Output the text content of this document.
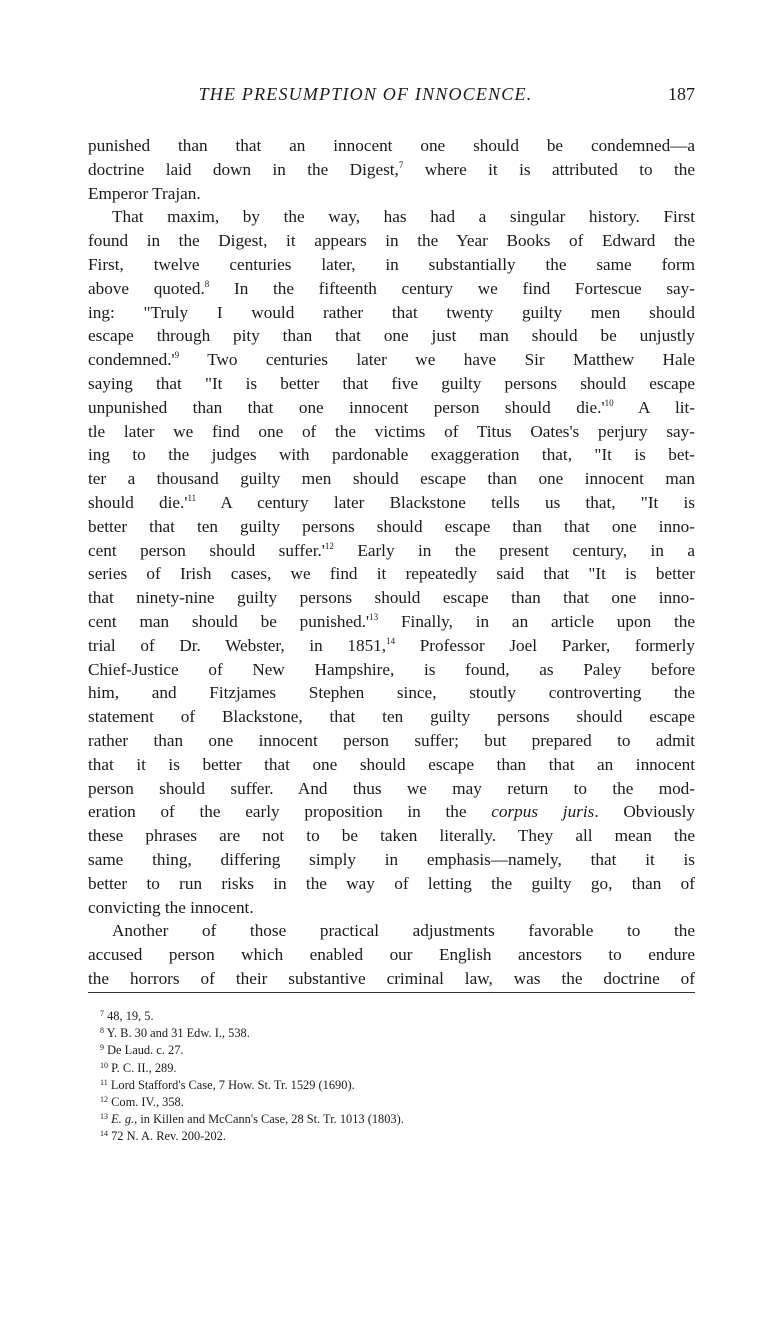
THE PRESUMPTION OF INNOCENCE.	187
punished than that an innocent one should be condemned—a
doctrine laid down in the Digest,$^7$ where it is attributed to the
Emperor Trajan.
That maxim, by the way, has had a singular history. First
found in the Digest, it appears in the Year Books of Edward the
First, twelve centuries later, in substantially the same form
above quoted.$^8$ In the fifteenth century we find Fortescue say-
ing: "Truly I would rather that twenty guilty men should
escape through pity than that one just man should be unjustly
$condemned.'^9$ Two centuries later we have Sir Matthew Hale
saying that "It is better that five guilty persons should escape
unpunished than that one innocent person should $die.'^{10}$ A lit-
tle later we find one of the victims of Titus Oates's perjury say-
ing to the judges with pardonable exaggeration that, "It is bet-
ter a thousand guilty men should escape than one innocent man
should $die.'^{11}$ A century later Blackstone tells us that, "It is
better that ten guilty persons should escape than that one inno-
cent person should $suffer.'^{12}$ Early in the present century, in a
series of Irish cases, we find it repeatedly said that "It is better
that ninety-nine guilty persons should escape than that one inno-
cent man should be $punished.'^{13}$ Finally, in an article upon the
trial of Dr. Webster, in 1851,14 Professor Joel Parker, formerly
Chief-Justice of New Hampshire, is found, as Paley before
him, and Fitzjames Stephen since, stoutly controverting the
statement of Blackstone, that ten guilty persons should escape
rather than one innocent person suffer; but prepared to admit
that it is better that one should escape than that an innocent
person should suffer. And thus we may return to the mod-
eration of the early proposition in the corpus juris. Obviously
these phrases are not to be taken literally. They all mean the
same thing, differing simply in emphasis—namely, that it is
better to run risks in the way of letting the guilty go, than of
convicting the innocent.
Another of those practical adjustments favorable to the
accused person which enabled our English ancestors to endure
the horrors of their substantive criminal law, was the doctrine of
$^7$ 48, 19, 5.
$^8$ Y. B. 30 and 31 Edw. I., 538.
$^9$ De Laud. c. 27.
$^{10}$ P. C. II., 289.
$^{11}$ Lord Stafford's Case, 7 How. St. Tr. 1529 (1690).
$^{12}$ Com. IV., 358.
$^{13}$ E. g., in Killen and McCann's Case, 28 St. Tr. 1013 (1803).
$^{14}$ 72 N. A. Rev. 200-202.
